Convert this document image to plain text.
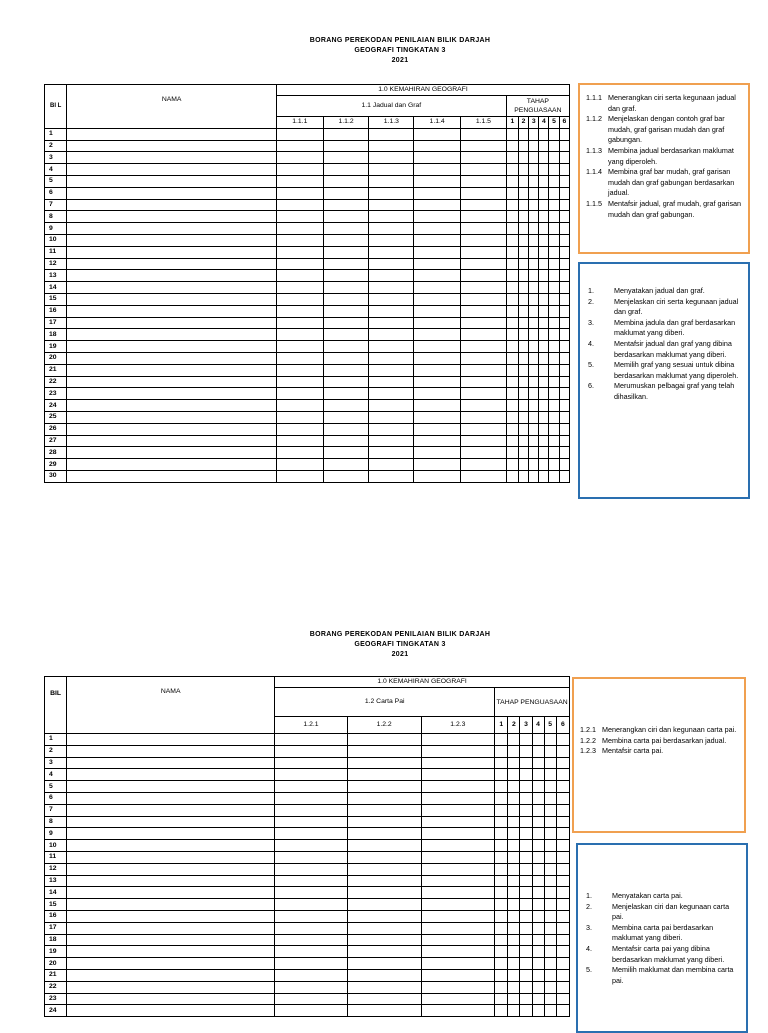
BORANG PEREKODAN PENILAIAN BILIK DARJAH
GEOGRAFI TINGKATAN 3
2021
BI L	NAMA	1.0 KEMAHIRAN GEOGRAFI										
		1.1 Jadual dan Graf					TAHAP PENGUASAAN					
		1.1.1	1.1.2	1.1.3	1.1.4	1.1.5	1	2	3	4	5	6
1												
2												
3												
4												
5												
6												
7												
8												
9												
10												
11												
12												
13												
14												
15												
16												
17												
18												
19												
20												
21												
22												
23												
24												
25												
26												
27												
28												
29												
30												
1.1.1 Menerangkan ciri serta kegunaan jadual dan graf.
1.1.2 Menjelaskan dengan contoh graf bar mudah, graf garisan mudah dan graf gabungan.
1.1.3 Membina jadual berdasarkan maklumat yang diperoleh.
1.1.4 Membina graf bar mudah, graf garisan mudah dan graf gabungan berdasarkan jadual.
1.1.5 Mentafsir jadual, graf mudah, graf garisan mudah dan graf gabungan.
1.	Menyatakan jadual dan graf.
2.	Menjelaskan ciri serta kegunaan jadual dan graf.
3.	Membina jadula dan graf berdasarkan maklumat yang diberi.
4.	Mentafsir jadual dan graf yang dibina berdasarkan maklumat yang diberi.
5.	Memilih graf yang sesuai untuk dibina berdasarkan maklumat yang diperoleh.
6.	Merumuskan pelbagai graf yang telah dihasilkan.
BORANG PEREKODAN PENILAIAN BILIK DARJAH
GEOGRAFI TINGKATAN 3
2021
BIL	NAMA	1.0 KEMAHIRAN GEOGRAFI								
		1.2 Carta Pai			TAHAP PENGUASAAN					
		1.2.1	1.2.2	1.2.3	1	2	3	4	5	6
1										
2										
3										
4										
5										
6										
7										
8										
9										
10										
11										
12										
13										
14										
15										
16										
17										
18										
19										
20										
21										
22										
23										
24										
1.2.1 Menerangkan ciri dan kegunaan carta pai.
1.2.2 Membina carta pai berdasarkan jadual.
1.2.3 Mentafsir carta pai.
1.	Menyatakan carta pai.
2.	Menjelaskan ciri dan kegunaan carta pai.
3.	Membina carta pai berdasarkan maklumat yang diberi.
4.	Mentafsir carta pai yang dibina berdasarkan maklumat yang diberi.
5.	Memilih maklumat dan membina carta pai.
